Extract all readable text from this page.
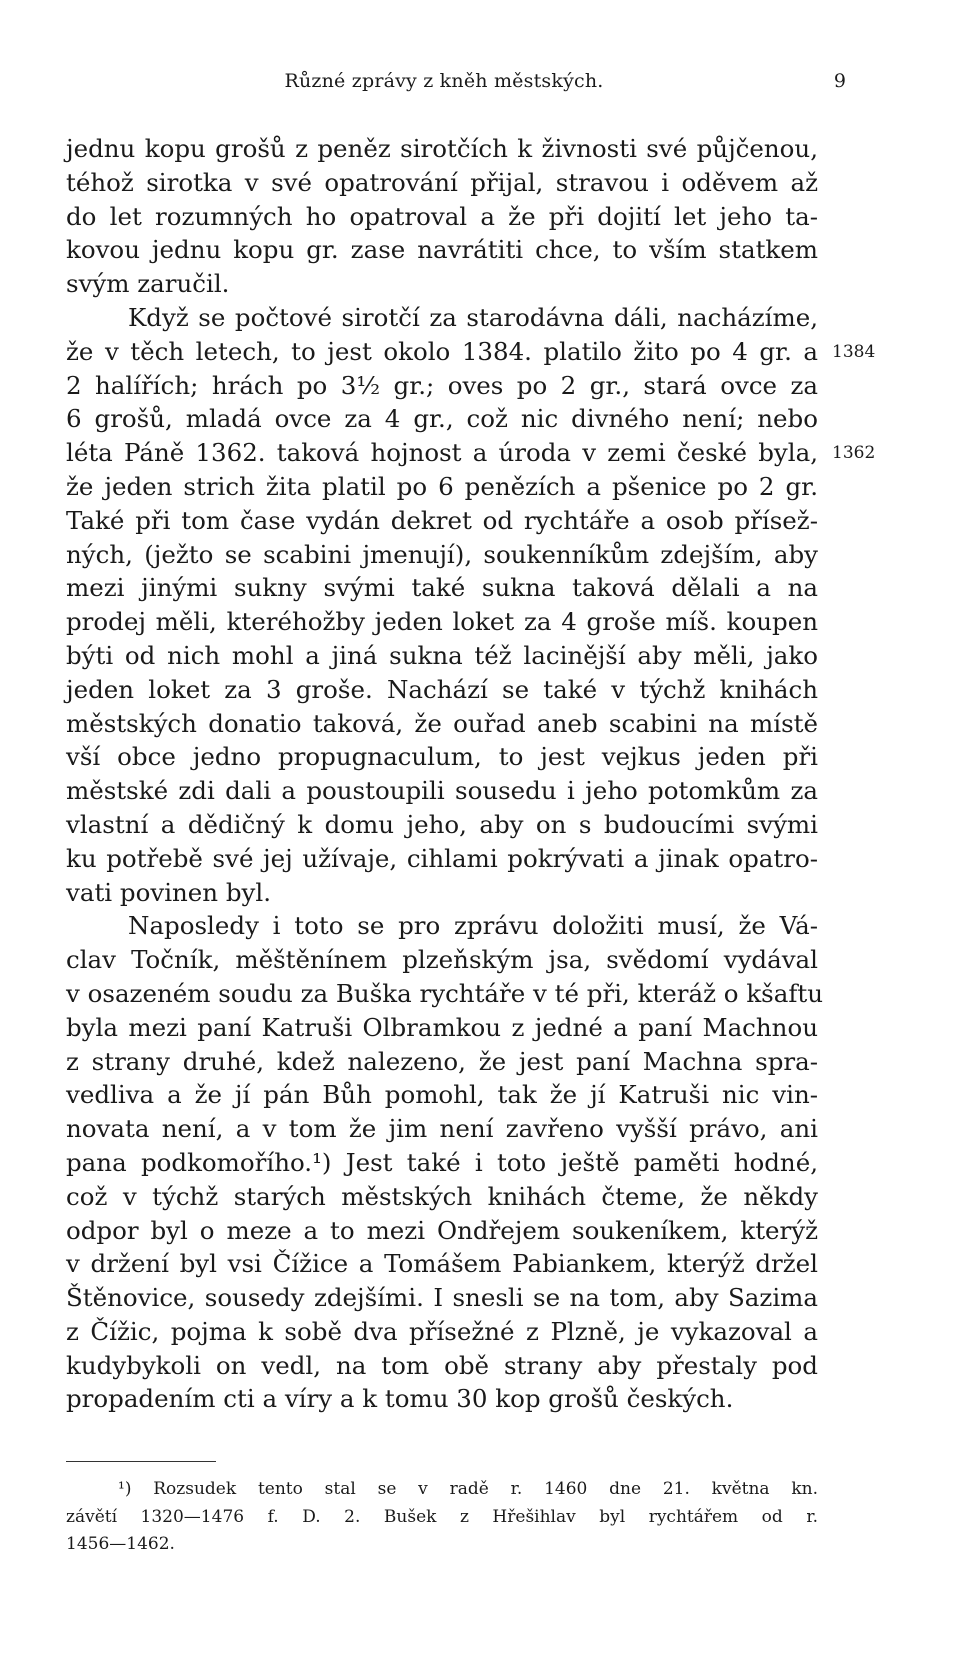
Různé zprávy z kněh městských.	9
jednu kopu grošů z peněz sirotčích k živnosti své půjčenou,
téhož sirotka v své opatrování přijal, stravou i oděvem až
do let rozumných ho opatroval a že při dojití let jeho ta-
kovou jednu kopu gr. zase navrátiti chce, to vším statkem
svým zaručil.
Když se počtové sirotčí za starodávna dáli, nacházíme,
že v těch letech, to jest okolo 1384. platilo žito po 4 gr. a
2 halířích; hrách po 3½ gr.; oves po 2 gr., stará ovce za
6 grošů, mladá ovce za 4 gr., což nic divného není; nebo
léta Páně 1362. taková hojnost a úroda v zemi české byla,
že jeden strich žita platil po 6 penězích a pšenice po 2 gr.
Také při tom čase vydán dekret od rychtáře a osob přísež-
ných, (ježto se scabini jmenují), soukenníkům zdejším, aby
mezi jinými sukny svými také sukna taková dělali a na
prodej měli, kteréhožby jeden loket za 4 groše míš. koupen
býti od nich mohl a jiná sukna též lacinější aby měli, jako
jeden loket za 3 groše. Nachází se také v týchž knihách
městských donatio taková, že ouřad aneb scabini na místě
vší obce jedno propugnaculum, to jest vejkus jeden při
městské zdi dali a poustoupili sousedu i jeho potomkům za
vlastní a dědičný k domu jeho, aby on s budoucími svými
ku potřebě své jej užívaje, cihlami pokrývati a jinak opatro-
vati povinen byl.
Naposledy i toto se pro zprávu doložiti musí, že Vá-
clav Točník, měštěnínem plzeňským jsa, svědomí vydával
v osazeném soudu za Buška rychtáře v té při, kteráž o kšaftu
byla mezi paní Katruši Olbramkou z jedné a paní Machnou
z strany druhé, kdež nalezeno, že jest paní Machna spra-
vedliva a že jí pán Bůh pomohl, tak že jí Katruši nic vin-
novata není, a v tom že jim není zavřeno vyšší právo, ani
pana podkomořího.¹) Jest také i toto ještě paměti hodné,
což v týchž starých městských knihách čteme, že někdy
odpor byl o meze a to mezi Ondřejem soukeníkem, kterýž
v držení byl vsi Čížice a Tomášem Pabiankem, kterýž držel
Štěnovice, sousedy zdejšími. I snesli se na tom, aby Sazima
z Čížic, pojma k sobě dva přísežné z Plzně, je vykazoval a
kudybykoli on vedl, na tom obě strany aby přestaly pod
propadením cti a víry a k tomu 30 kop grošů českých.
1384
1362
¹) Rozsudek tento stal se v radě r. 1460 dne 21. května kn.
závětí 1320—1476 f. D. 2. Bušek z Hřešihlav byl rychtářem od r.
1456—1462.
